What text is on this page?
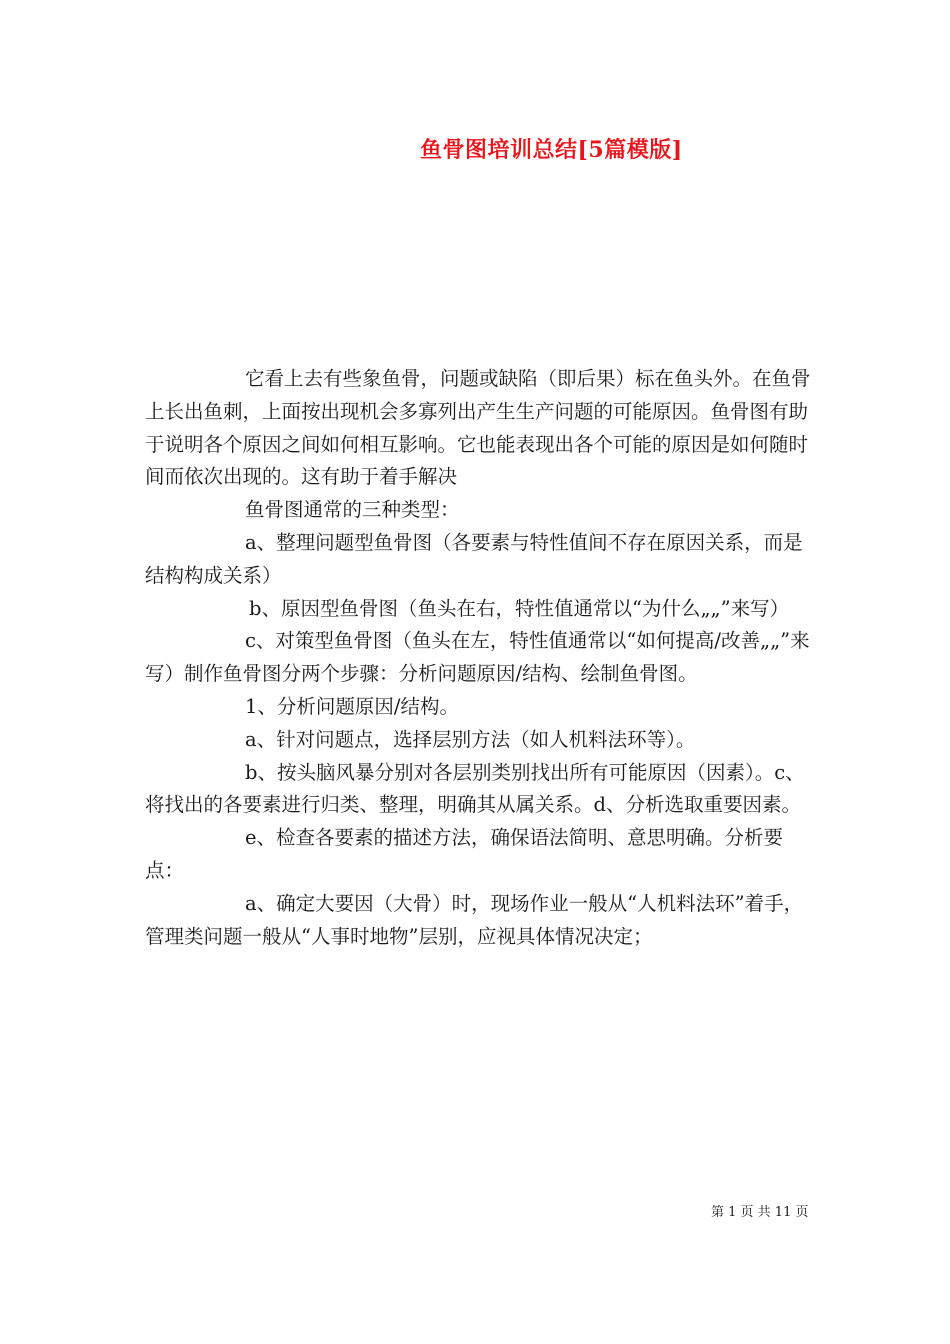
鱼骨图培训总结[5篇模版]

它看上去有些象鱼骨，问题或缺陷（即后果）标在鱼头外。在鱼骨上长出鱼刺，上面按出现机会多寡列出产生生产问题的可能原因。鱼骨图有助于说明各个原因之间如何相互影响。它也能表现出各个可能的原因是如何随时间而依次出现的。这有助于着手解决

鱼骨图通常的三种类型：

a、整理问题型鱼骨图（各要素与特性值间不存在原因关系，而是结构构成关系）

b、原因型鱼骨图（鱼头在右，特性值通常以“为什么„„”来写）

c、对策型鱼骨图（鱼头在左，特性值通常以“如何提高/改善„„”来写）制作鱼骨图分两个步骤：分析问题原因/结构、绘制鱼骨图。

1、分析问题原因/结构。

a、针对问题点，选择层别方法（如人机料法环等）。

b、按头脑风暴分别对各层别类别找出所有可能原因（因素）。c、将找出的各要素进行归类、整理，明确其从属关系。d、分析选取重要因素。

e、检查各要素的描述方法，确保语法简明、意思明确。分析要点：

a、确定大要因（大骨）时，现场作业一般从“人机料法环”着手，管理类问题一般从“人事时地物”层别，应视具体情况决定；

第 1 页 共 11 页
